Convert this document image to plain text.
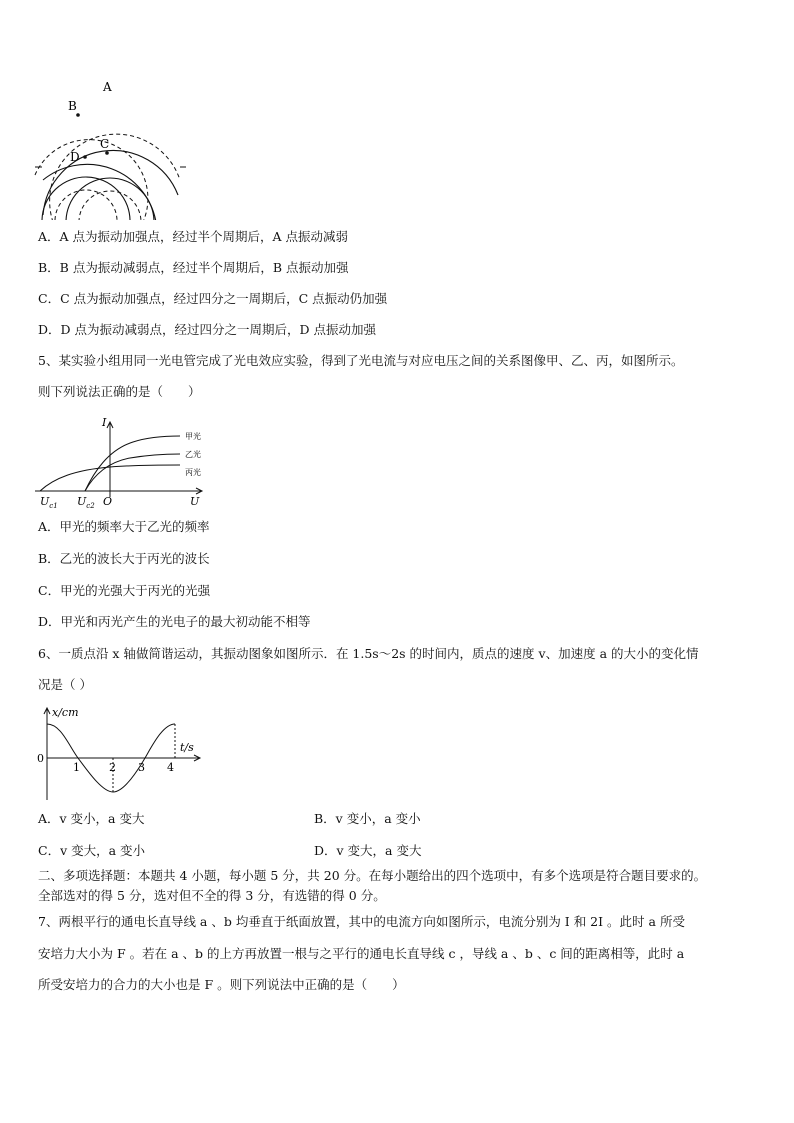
A
B
C
D
A．A 点为振动加强点，经过半个周期后，A 点振动减弱
B．B 点为振动减弱点，经过半个周期后，B 点振动加强
C．C 点为振动加强点，经过四分之一周期后，C 点振动仍加强
D．D 点为振动减弱点，经过四分之一周期后，D 点振动加强
5、某实验小组用同一光电管完成了光电效应实验，得到了光电流与对应电压之间的关系图像甲、乙、丙，如图所示。
则下列说法正确的是（　　）
I
甲光
乙光
丙光
$U_{c1}$ $U_{c2}$ O	U
A．甲光的频率大于乙光的频率
B．乙光的波长大于丙光的波长
C．甲光的光强大于丙光的光强
D．甲光和丙光产生的光电子的最大初动能不相等
6、一质点沿 x 轴做简谐运动，其振动图象如图所示．在 1.5s～2s 的时间内，质点的速度 v、加速度 a 的大小的变化情
况是（ ）
x/cm
t/s
0
1	2 3 4
A．v 变小，a 变大	B．v 变小，a 变小
C．v 变大，a 变小	D．v 变大，a 变大
二、多项选择题：本题共 4 小题，每小题 5 分，共 20 分。在每小题给出的四个选项中，有多个选项是符合题目要求的。
全部选对的得 5 分，选对但不全的得 3 分，有选错的得 0 分。
7、两根平行的通电长直导线 a 、b 均垂直于纸面放置，其中的电流方向如图所示，电流分别为 I 和 2I 。此时 a 所受
安培力大小为 F 。若在 a 、b 的上方再放置一根与之平行的通电长直导线 c ，导线 a 、b 、c 间的距离相等，此时 a
所受安培力的合力的大小也是 F 。则下列说法中正确的是（　　）
